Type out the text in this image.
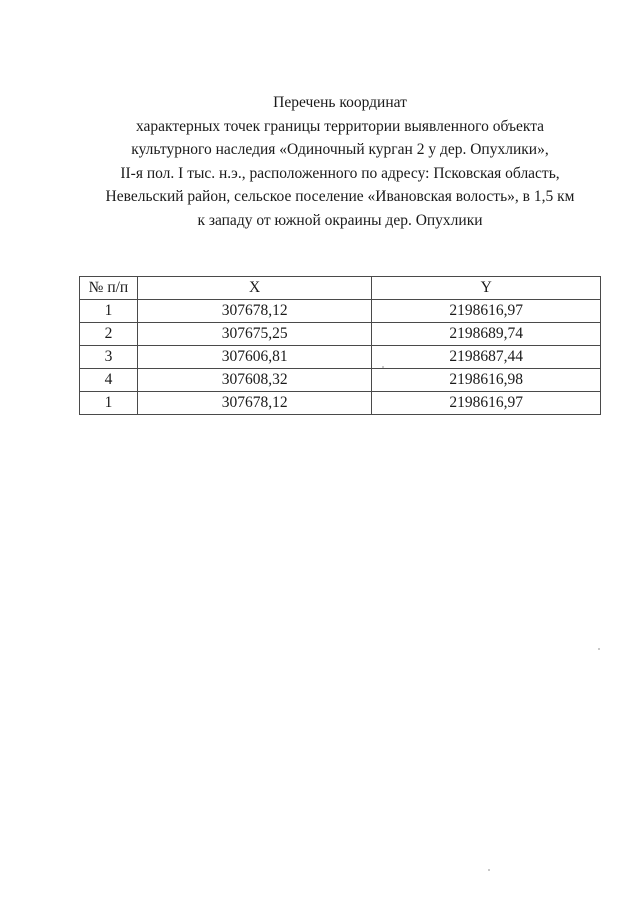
Перечень координат
характерных точек границы территории выявленного объекта
культурного наследия «Одиночный курган 2 у дер. Опухлики»,
II-я пол. I тыс. н.э., расположенного по адресу: Псковская область,
Невельский район, сельское поселение «Ивановская волость», в 1,5 км
к западу от южной окраины дер. Опухлики
№ п/п	X	Y
1	307678,12	2198616,97
2	307675,25	2198689,74
3	307606,81	2198687,44
4	307608,32	2198616,98
1	307678,12	2198616,97
